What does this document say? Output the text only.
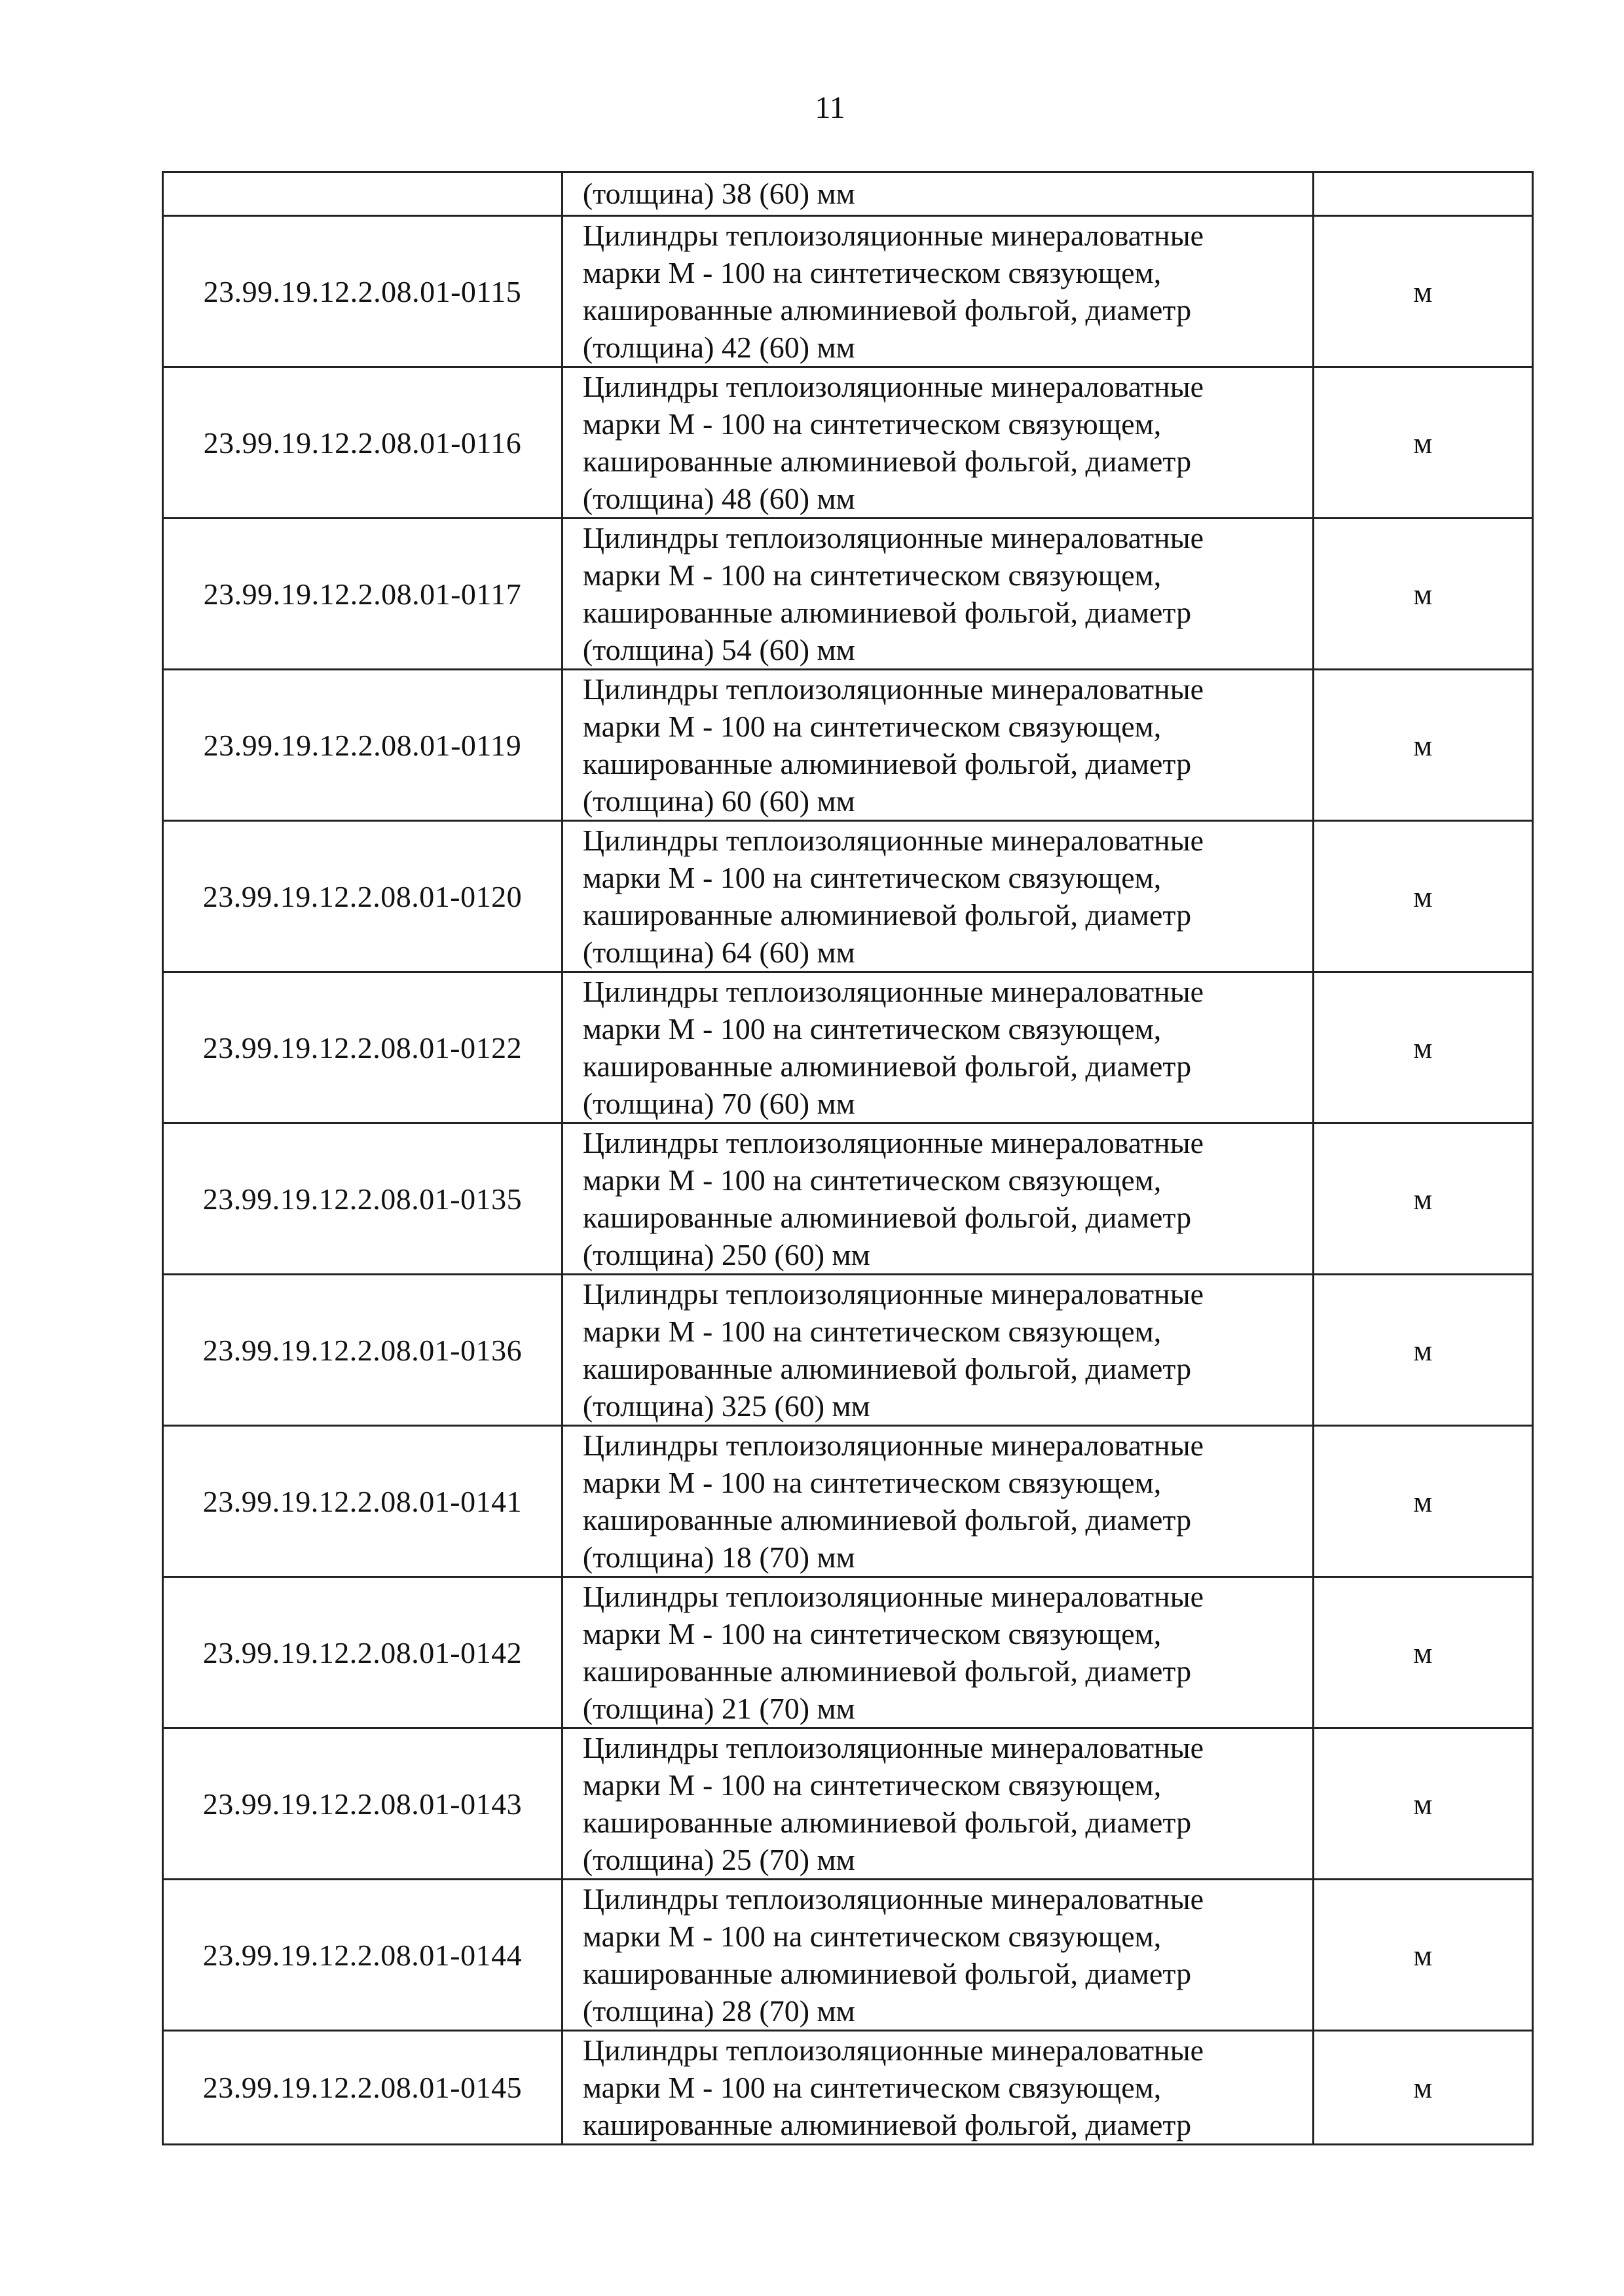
11

	(толщина) 38 (60) мм	

23.99.19.12.2.08.01-0115	Цилиндры теплоизоляционные минераловатные
марки М - 100 на синтетическом связующем,
кашированные алюминиевой фольгой, диаметр
(толщина) 42 (60) мм	м
23.99.19.12.2.08.01-0116	Цилиндры теплоизоляционные минераловатные
марки М - 100 на синтетическом связующем,
кашированные алюминиевой фольгой, диаметр
(толщина) 48 (60) мм	м
23.99.19.12.2.08.01-0117	Цилиндры теплоизоляционные минераловатные
марки М - 100 на синтетическом связующем,
кашированные алюминиевой фольгой, диаметр
(толщина) 54 (60) мм	м
23.99.19.12.2.08.01-0119	Цилиндры теплоизоляционные минераловатные
марки М - 100 на синтетическом связующем,
кашированные алюминиевой фольгой, диаметр
(толщина) 60 (60) мм	м
23.99.19.12.2.08.01-0120	Цилиндры теплоизоляционные минераловатные
марки М - 100 на синтетическом связующем,
кашированные алюминиевой фольгой, диаметр
(толщина) 64 (60) мм	м
23.99.19.12.2.08.01-0122	Цилиндры теплоизоляционные минераловатные
марки М - 100 на синтетическом связующем,
кашированные алюминиевой фольгой, диаметр
(толщина) 70 (60) мм	м
23.99.19.12.2.08.01-0135	Цилиндры теплоизоляционные минераловатные
марки М - 100 на синтетическом связующем,
кашированные алюминиевой фольгой, диаметр
(толщина) 250 (60) мм	м
23.99.19.12.2.08.01-0136	Цилиндры теплоизоляционные минераловатные
марки М - 100 на синтетическом связующем,
кашированные алюминиевой фольгой, диаметр
(толщина) 325 (60) мм	м
23.99.19.12.2.08.01-0141	Цилиндры теплоизоляционные минераловатные
марки М - 100 на синтетическом связующем,
кашированные алюминиевой фольгой, диаметр
(толщина) 18 (70) мм	м
23.99.19.12.2.08.01-0142	Цилиндры теплоизоляционные минераловатные
марки М - 100 на синтетическом связующем,
кашированные алюминиевой фольгой, диаметр
(толщина) 21 (70) мм	м
23.99.19.12.2.08.01-0143	Цилиндры теплоизоляционные минераловатные
марки М - 100 на синтетическом связующем,
кашированные алюминиевой фольгой, диаметр
(толщина) 25 (70) мм	м
23.99.19.12.2.08.01-0144	Цилиндры теплоизоляционные минераловатные
марки М - 100 на синтетическом связующем,
кашированные алюминиевой фольгой, диаметр
(толщина) 28 (70) мм	м
23.99.19.12.2.08.01-0145	Цилиндры теплоизоляционные минераловатные
марки М - 100 на синтетическом связующем,
кашированные алюминиевой фольгой, диаметр	м
